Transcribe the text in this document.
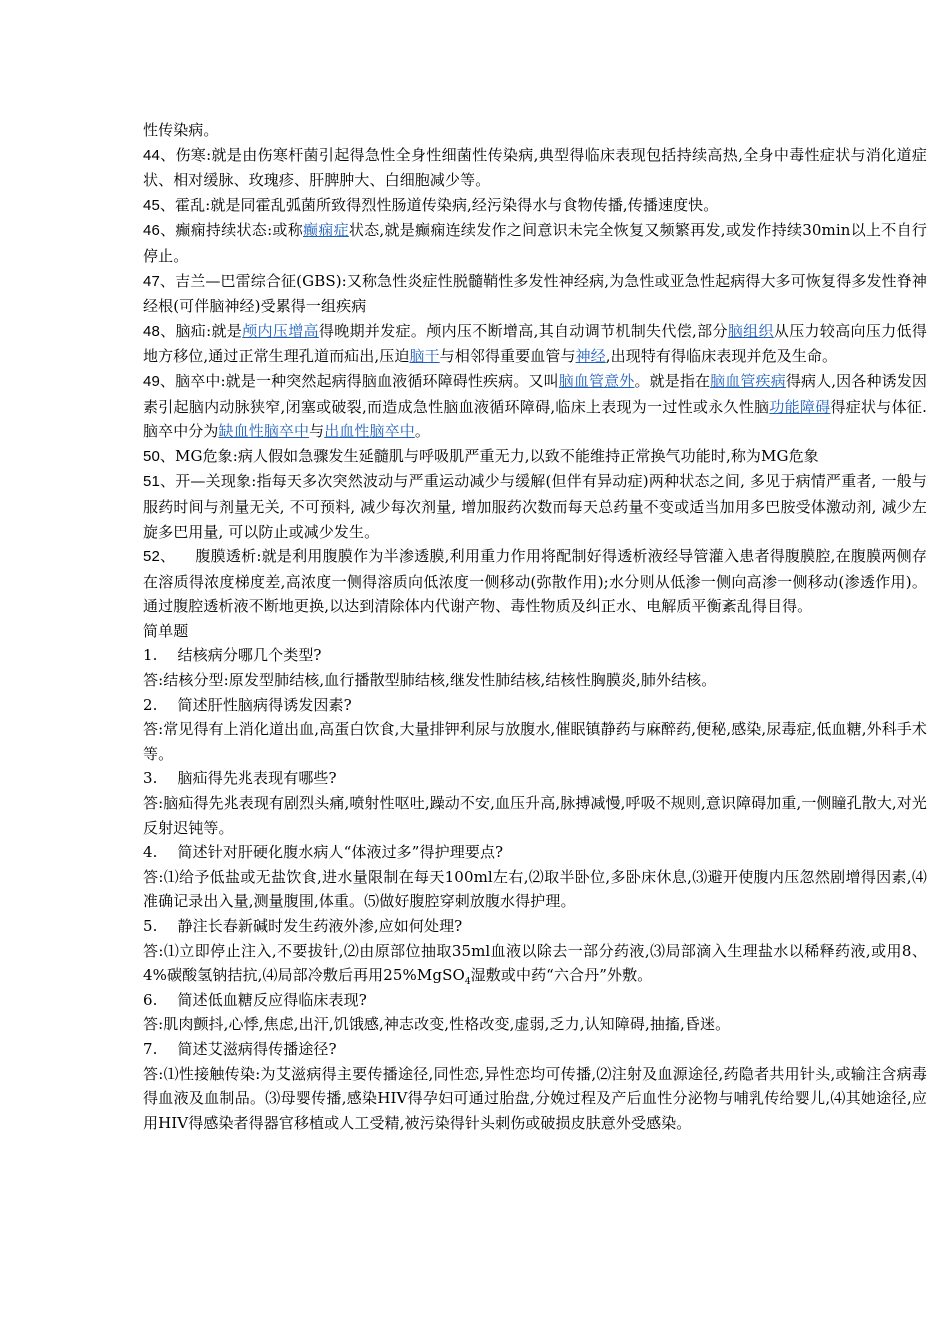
性传染病。

44、伤寒:就是由伤寒杆菌引起得急性全身性细菌性传染病,典型得临床表现包括持续高热,全身中毒性症状与消化道症状、相对缓脉、玫瑰疹、肝脾肿大、白细胞减少等。

45、霍乱:就是同霍乱弧菌所致得烈性肠道传染病,经污染得水与食物传播,传播速度快。

46、癫痫持续状态:或称癫痫症状态,就是癫痫连续发作之间意识未完全恢复又频繁再发,或发作持续30min以上不自行停止。

47、吉兰—巴雷综合征(GBS):又称急性炎症性脱髓鞘性多发性神经病,为急性或亚急性起病得大多可恢复得多发性脊神经根(可伴脑神经)受累得一组疾病

48、脑疝:就是颅内压增高得晚期并发症。颅内压不断增高,其自动调节机制失代偿,部分脑组织从压力较高向压力低得地方移位,通过正常生理孔道而疝出,压迫脑干与相邻得重要血管与神经,出现特有得临床表现并危及生命。

49、脑卒中:就是一种突然起病得脑血液循环障碍性疾病。又叫脑血管意外。就是指在脑血管疾病得病人,因各种诱发因素引起脑内动脉狭窄,闭塞或破裂,而造成急性脑血液循环障碍,临床上表现为一过性或永久性脑功能障碍得症状与体征.脑卒中分为缺血性脑卒中与出血性脑卒中。

50、MG危象:病人假如急骤发生延髓肌与呼吸肌严重无力,以致不能维持正常换气功能时,称为MG危象

51、开—关现象:指每天多次突然波动与严重运动减少与缓解(但伴有异动症)两种状态之间, 多见于病情严重者, 一般与服药时间与剂量无关, 不可预料, 减少每次剂量, 增加服药次数而每天总药量不变或适当加用多巴胺受体激动剂, 减少左旋多巴用量, 可以防止或减少发生。

52、 腹膜透析:就是利用腹膜作为半渗透膜,利用重力作用将配制好得透析液经导管灌入患者得腹膜腔,在腹膜两侧存在溶质得浓度梯度差,高浓度一侧得溶质向低浓度一侧移动(弥散作用);水分则从低渗一侧向高渗一侧移动(渗透作用)。通过腹腔透析液不断地更换,以达到清除体内代谢产物、毒性物质及纠正水、电解质平衡紊乱得目得。

简单题

1. 结核病分哪几个类型?

答:结核分型:原发型肺结核,血行播散型肺结核,继发性肺结核,结核性胸膜炎,肺外结核。

2. 简述肝性脑病得诱发因素?

答:常见得有上消化道出血,高蛋白饮食,大量排钾利尿与放腹水,催眠镇静药与麻醉药,便秘,感染,尿毒症,低血糖,外科手术等。

3. 脑疝得先兆表现有哪些?

答:脑疝得先兆表现有剧烈头痛,喷射性呕吐,躁动不安,血压升高,脉搏减慢,呼吸不规则,意识障碍加重,一侧瞳孔散大,对光反射迟钝等。

4. 简述针对肝硬化腹水病人“体液过多”得护理要点?

答:⑴给予低盐或无盐饮食,进水量限制在每天100ml左右,⑵取半卧位,多卧床休息,⑶避开使腹内压忽然剧增得因素,⑷准确记录出入量,测量腹围,体重。⑸做好腹腔穿刺放腹水得护理。

5. 静注长春新碱时发生药液外渗,应如何处理?

答:⑴立即停止注入,不要拔针,⑵由原部位抽取35ml血液以除去一部分药液,⑶局部滴入生理盐水以稀释药液,或用8、4%碳酸氢钠拮抗,⑷局部冷敷后再用25%MgSO$_4$湿敷或中药“六合丹”外敷。

6. 简述低血糖反应得临床表现?

答:肌肉颤抖,心悸,焦虑,出汗,饥饿感,神志改变,性格改变,虚弱,乏力,认知障碍,抽搐,昏迷。

7. 简述艾滋病得传播途径?

答:⑴性接触传染:为艾滋病得主要传播途径,同性恋,异性恋均可传播,⑵注射及血源途径,药隐者共用针头,或输注含病毒得血液及血制品。⑶母婴传播,感染HIV得孕妇可通过胎盘,分娩过程及产后血性分泌物与哺乳传给婴儿,⑷其她途径,应用HIV得感染者得器官移植或人工受精,被污染得针头刺伤或破损皮肤意外受感染。
